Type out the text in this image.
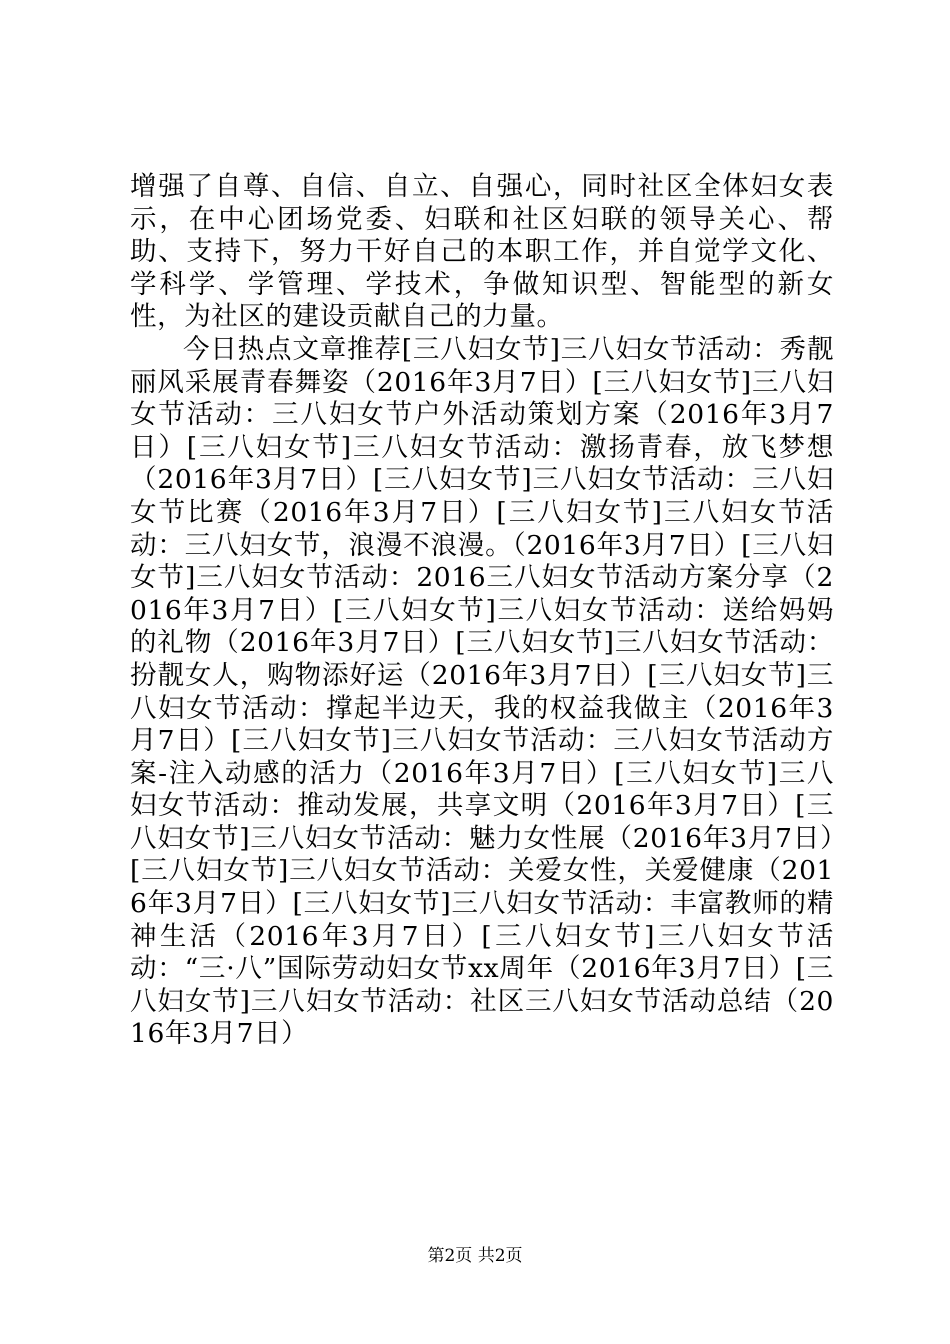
增强了自尊、自信、自立、自强心，同时社区全体妇女表示，在中心团场党委、妇联和社区妇联的领导关心、帮助、支持下，努力干好自己的本职工作，并自觉学文化、学科学、学管理、学技术，争做知识型、智能型的新女性，为社区的建设贡献自己的力量。

今日热点文章推荐[三八妇女节]三八妇女节活动：秀靓丽风采展青春舞姿（2016年3月7日）[三八妇女节]三八妇女节活动：三八妇女节户外活动策划方案（2016年3月7日）[三八妇女节]三八妇女节活动：激扬青春，放飞梦想（2016年3月7日）[三八妇女节]三八妇女节活动：三八妇女节比赛（2016年3月7日）[三八妇女节]三八妇女节活动：三八妇女节，浪漫不浪漫。（2016年3月7日）[三八妇女节]三八妇女节活动：2016三八妇女节活动方案分享（2016年3月7日）[三八妇女节]三八妇女节活动：送给妈妈的礼物（2016年3月7日）[三八妇女节]三八妇女节活动：扮靓女人，购物添好运（2016年3月7日）[三八妇女节]三八妇女节活动：撑起半边天，我的权益我做主（2016年3月7日）[三八妇女节]三八妇女节活动：三八妇女节活动方案-注入动感的活力（2016年3月7日）[三八妇女节]三八妇女节活动：推动发展，共享文明（2016年3月7日）[三八妇女节]三八妇女节活动：魅力女性展（2016年3月7日）[三八妇女节]三八妇女节活动：关爱女性，关爱健康（2016年3月7日）[三八妇女节]三八妇女节活动：丰富教师的精神生活（2016年3月7日）[三八妇女节]三八妇女节活动：“三·八”国际劳动妇女节xx周年（2016年3月7日）[三八妇女节]三八妇女节活动：社区三八妇女节活动总结（2016年3月7日）

第2页 共2页
